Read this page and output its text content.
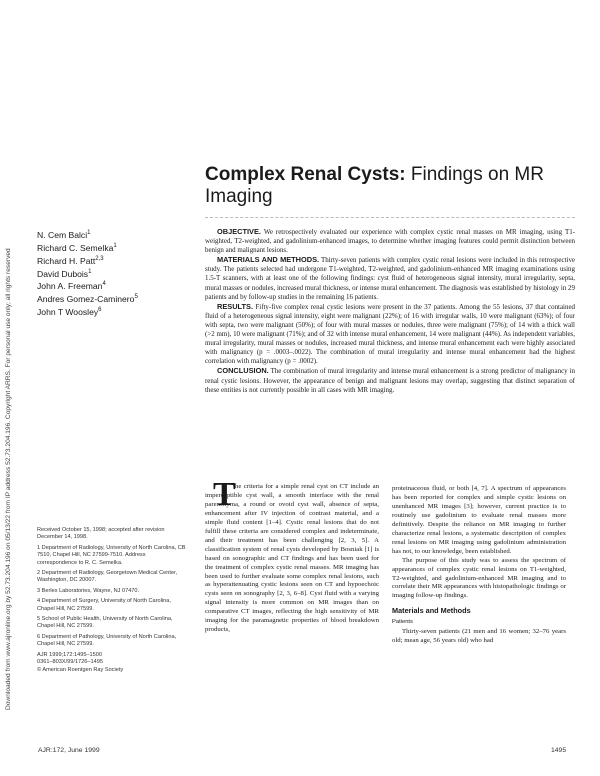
Downloaded from www.ajronline.org by 52.73.204.196 on 05/13/22 from IP address 52.73.204.196. Copyright ARRS. For personal use only; all rights reserved
Complex Renal Cysts: Findings on MR Imaging
N. Cem Balci$^1$
Richard C. Semelka$^1$
Richard H. Patt$^{2,3}$
David Dubois$^1$
John A. Freeman$^4$
Andres Gomez-Caminero$^5$
John T Woosley$^6$

OBJECTIVE. We retrospectively evaluated our experience with complex cystic renal masses on MR imaging, using T1-weighted, T2-weighted, and gadolinium-enhanced images, to determine whether imaging features could permit distinction between benign and malignant lesions.

MATERIALS AND METHODS. Thirty-seven patients with complex cystic renal lesions were included in this retrospective study. The patients selected had undergone T1-weighted, T2-weighted, and gadolinium-enhanced MR imaging examinations using 1.5-T scanners, with at least one of the following findings: cyst fluid of heterogeneous signal intensity, mural irregularity, septa, mural masses or nodules, increased mural thickness, or intense mural enhancement. The diagnosis was established by histology in 29 patients and by follow-up studies in the remaining 16 patients.

RESULTS. Fifty-five complex renal cystic lesions were present in the 37 patients. Among the 55 lesions, 37 that contained fluid of a heterogeneous signal intensity, eight were malignant (22%); of 16 with irregular walls, 10 were malignant (63%); of four with septa, two were malignant (50%); of four with mural masses or nodules, three were malignant (75%); of 14 with a thick wall (>2 mm), 10 were malignant (71%); and of 32 with intense mural enhancement, 14 were malignant (44%). As independent variables, mural irregularity, mural masses or nodules, increased mural thickness, and intense mural enhancement each were highly associated with malignancy (p = .0003–.0022). The combination of mural irregularity and intense mural enhancement had the highest correlation with malignancy (p = .0002).

CONCLUSION. The combination of mural irregularity and intense mural enhancement is a strong predictor of malignancy in renal cystic lesions. However, the appearance of benign and malignant lesions may overlap, suggesting that distinct separation of these entities is not currently possible in all cases with MR imaging.

T he criteria for a simple renal cyst on CT include an imperceptible cyst wall, a smooth interface with the renal parenchyma, a round or ovoid cyst wall, absence of septa, enhancement after IV injection of contrast material, and a simple fluid content [1–4]. Cystic renal lesions that do not fulfill these criteria are considered complex and indeterminate, and their treatment has been challenging [2, 3, 5]. A classification system of renal cysts developed by Bosniak [1] is based on sonographic and CT findings and has been used for the treatment of complex cystic renal masses. MR imaging has been used to further evaluate some complex renal lesions, such as hyperattenuating cystic lesions seen on CT and hypoechoic cysts seen on sonography [2, 3, 6–8]. Cyst fluid with a varying signal intensity is more common on MR images than on comparative CT images, reflecting the high sensitivity of MR imaging for the paramagnetic properties of blood breakdown products,

proteinaceous fluid, or both [4, 7]. A spectrum of appearances has been reported for complex and simple cystic lesions on unenhanced MR images [3]; however, current practice is to routinely use gadolinium to evaluate renal masses more definitively. Despite the reliance on MR imaging to further characterize renal lesions, a systematic description of complex renal lesions on MR imaging using gadolinium administration has not, to our knowledge, been established.

The purpose of this study was to assess the spectrum of appearances of complex cystic renal lesions on T1-weighted, T2-weighted, and gadolinium-enhanced MR imaging and to correlate their MR appearances with histopathologic findings or imaging follow-up findings.

Materials and Methods
Patients

Thirty-seven patients (21 men and 16 women; 32–76 years old; mean age, 56 years old) who had

Received October 15, 1998; accepted after revision December 14, 1998.

1 Department of Radiology, University of North Carolina, CB 7510, Chapel Hill, NC 27599-7510. Address correspondence to R. C. Semelka.

2 Department of Radiology, Georgetown Medical Center, Washington, DC 20007.

3 Berlex Laboratories, Wayne, NJ 07470.

4 Department of Surgery, University of North Carolina, Chapel Hill, NC 27599.

5 School of Public Health, University of North Carolina, Chapel Hill, NC 27599.

6 Department of Pathology, University of North Carolina, Chapel Hill, NC 27599.

AJR 1999;172:1495–1500

0361–803X/99/1726–1495

© American Roentgen Ray Society

AJR:172, June 1999	1495
